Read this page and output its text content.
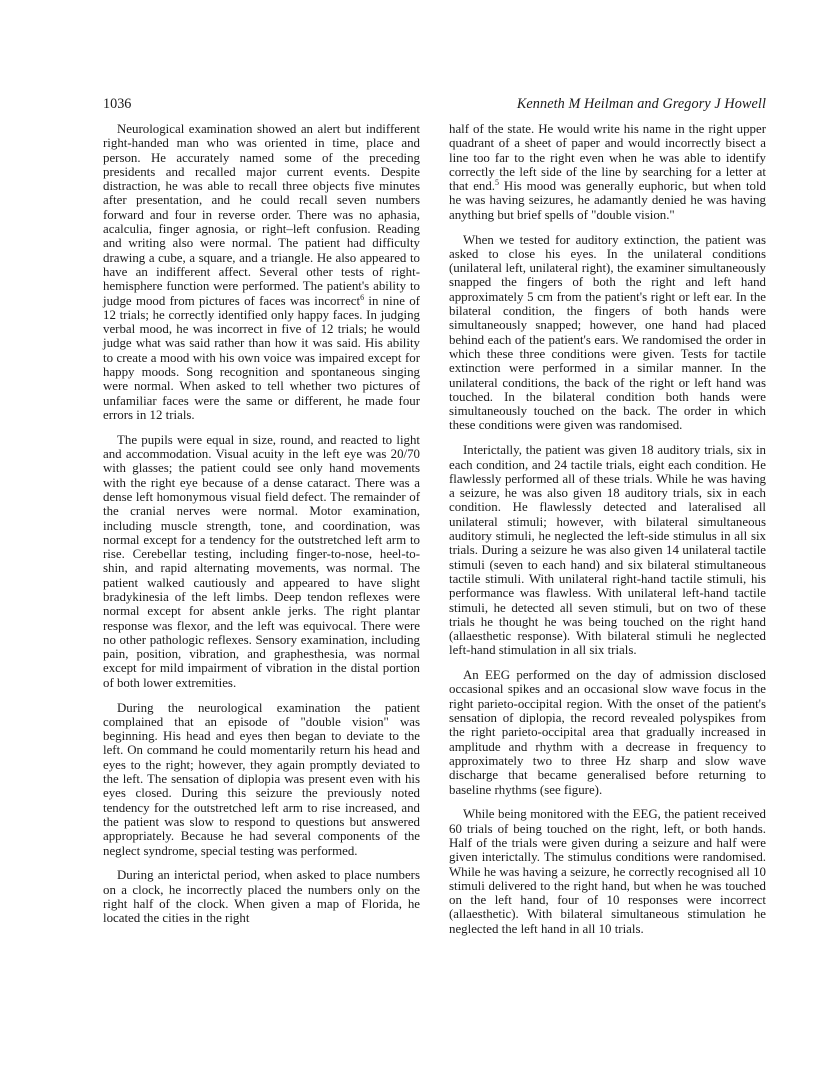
1036	Kenneth M Heilman and Gregory J Howell

Neurological examination showed an alert but indifferent right-handed man who was oriented in time, place and person. He accurately named some of the preceding presidents and recalled major current events. Despite distraction, he was able to recall three objects five minutes after presentation, and he could recall seven numbers forward and four in reverse order. There was no aphasia, acalculia, finger agnosia, or right–left confusion. Reading and writing also were normal. The patient had difficulty drawing a cube, a square, and a triangle. He also appeared to have an indifferent affect. Several other tests of right-hemisphere function were performed. The patient's ability to judge mood from pictures of faces was incorrect$^6$ in nine of 12 trials; he correctly identified only happy faces. In judging verbal mood, he was incorrect in five of 12 trials; he would judge what was said rather than how it was said. His ability to create a mood with his own voice was impaired except for happy moods. Song recognition and spontaneous singing were normal. When asked to tell whether two pictures of unfamiliar faces were the same or different, he made four errors in 12 trials.

The pupils were equal in size, round, and reacted to light and accommodation. Visual acuity in the left eye was 20/70 with glasses; the patient could see only hand movements with the right eye because of a dense cataract. There was a dense left homonymous visual field defect. The remainder of the cranial nerves were normal. Motor examination, including muscle strength, tone, and coordination, was normal except for a tendency for the outstretched left arm to rise. Cerebellar testing, including finger-to-nose, heel-to-shin, and rapid alternating movements, was normal. The patient walked cautiously and appeared to have slight bradykinesia of the left limbs. Deep tendon reflexes were normal except for absent ankle jerks. The right plantar response was flexor, and the left was equivocal. There were no other pathologic reflexes. Sensory examination, including pain, position, vibration, and graphesthesia, was normal except for mild impairment of vibration in the distal portion of both lower extremities.

During the neurological examination the patient complained that an episode of "double vision" was beginning. His head and eyes then began to deviate to the left. On command he could momentarily return his head and eyes to the right; however, they again promptly deviated to the left. The sensation of diplopia was present even with his eyes closed. During this seizure the previously noted tendency for the outstretched left arm to rise increased, and the patient was slow to respond to questions but answered appropriately. Because he had several components of the neglect syndrome, special testing was performed.

During an interictal period, when asked to place numbers on a clock, he incorrectly placed the numbers only on the right half of the clock. When given a map of Florida, he located the cities in the right

half of the state. He would write his name in the right upper quadrant of a sheet of paper and would incorrectly bisect a line too far to the right even when he was able to identify correctly the left side of the line by searching for a letter at that end.$^5$ His mood was generally euphoric, but when told he was having seizures, he adamantly denied he was having anything but brief spells of "double vision."

When we tested for auditory extinction, the patient was asked to close his eyes. In the unilateral conditions (unilateral left, unilateral right), the examiner simultaneously snapped the fingers of both the right and left hand approximately 5 cm from the patient's right or left ear. In the bilateral condition, the fingers of both hands were simultaneously snapped; however, one hand had placed behind each of the patient's ears. We randomised the order in which these three conditions were given. Tests for tactile extinction were performed in a similar manner. In the unilateral conditions, the back of the right or left hand was touched. In the bilateral condition both hands were simultaneously touched on the back. The order in which these conditions were given was randomised.

Interictally, the patient was given 18 auditory trials, six in each condition, and 24 tactile trials, eight each condition. He flawlessly performed all of these trials. While he was having a seizure, he was also given 18 auditory trials, six in each condition. He flawlessly detected and lateralised all unilateral stimuli; however, with bilateral simultaneous auditory stimuli, he neglected the left-side stimulus in all six trials. During a seizure he was also given 14 unilateral tactile stimuli (seven to each hand) and six bilateral stimultaneous tactile stimuli. With unilateral right-hand tactile stimuli, his performance was flawless. With unilateral left-hand tactile stimuli, he detected all seven stimuli, but on two of these trials he thought he was being touched on the right hand (allaesthetic response). With bilateral stimuli he neglected left-hand stimulation in all six trials.

An EEG performed on the day of admission disclosed occasional spikes and an occasional slow wave focus in the right parieto-occipital region. With the onset of the patient's sensation of diplopia, the record revealed polyspikes from the right parieto-occipital area that gradually increased in amplitude and rhythm with a decrease in frequency to approximately two to three Hz sharp and slow wave discharge that became generalised before returning to baseline rhythms (see figure).

While being monitored with the EEG, the patient received 60 trials of being touched on the right, left, or both hands. Half of the trials were given during a seizure and half were given interictally. The stimulus conditions were randomised. While he was having a seizure, he correctly recognised all 10 stimuli delivered to the right hand, but when he was touched on the left hand, four of 10 responses were incorrect (allaesthetic). With bilateral simultaneous stimulation he neglected the left hand in all 10 trials.
